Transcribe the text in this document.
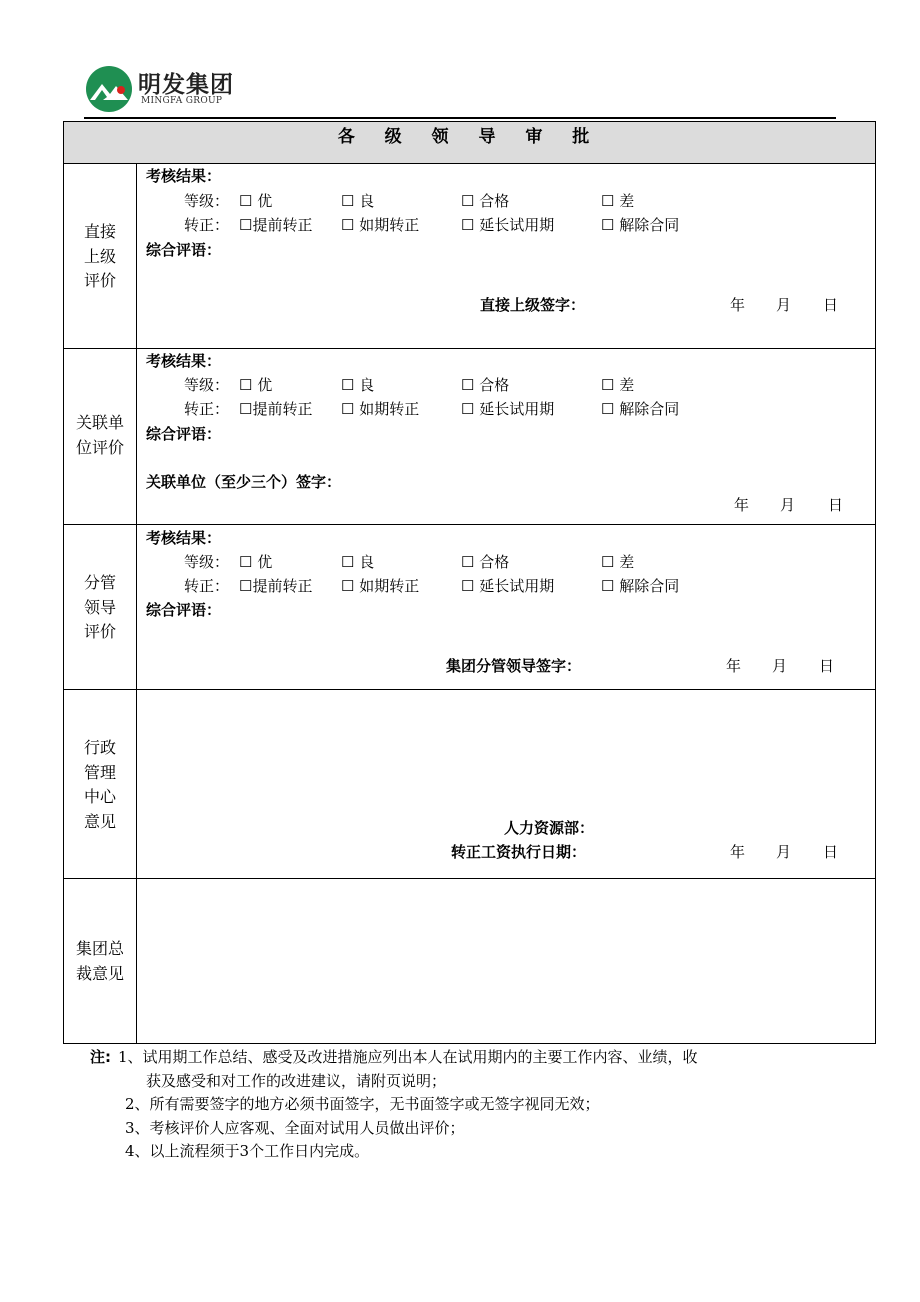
明发集团
MINGFA GROUP
各 级 领 导 审 批
直接
上级
评价
考核结果：
等级： ☐ 优	☐ 良	☐ 合格	☐ 差
转正： ☐提前转正 ☐ 如期转正	☐ 延长试用期	☐ 解除合同
综合评语：
直接上级签字：	年 月 日
关联单
位评价
考核结果：
等级： ☐ 优	☐ 良	☐ 合格	☐ 差
转正： ☐提前转正 ☐ 如期转正	☐ 延长试用期	☐ 解除合同
综合评语：
关联单位（至少三个）签字：
年 月 日
分管
领导
评价
考核结果：
等级： ☐ 优	☐ 良	☐ 合格	☐ 差
转正： ☐提前转正 ☐ 如期转正	☐ 延长试用期	☐ 解除合同
综合评语：
集团分管领导签字：	年 月 日
行政
管理
中心
意见	人力资源部：
转正工资执行日期：	年 月 日
集团总
裁意见
注: 1、试用期工作总结、感受及改进措施应列出本人在试用期内的主要工作内容、业绩，收
获及感受和对工作的改进建议，请附页说明；
2、所有需要签字的地方必须书面签字，无书面签字或无签字视同无效；
3、考核评价人应客观、全面对试用人员做出评价；
4、以上流程须于3个工作日内完成。
